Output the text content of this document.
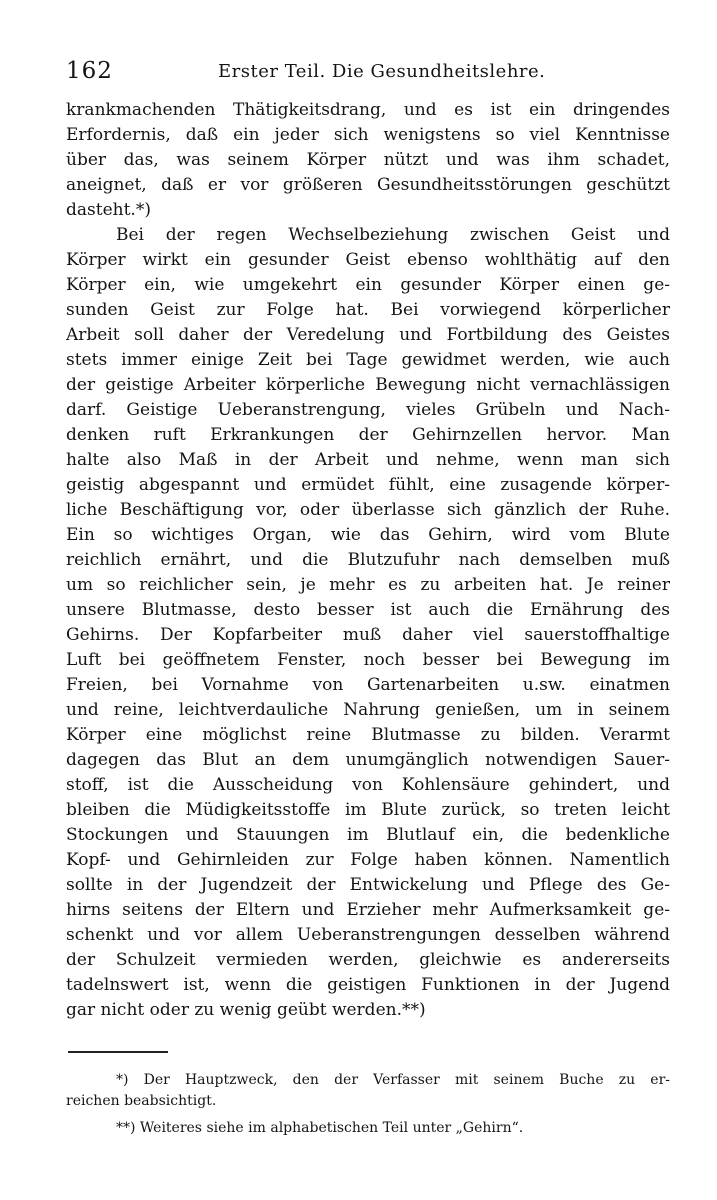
162	Erster Teil. Die Gesundheitslehre.
krankmachenden Thätigkeitsdrang, und es ist ein dringendes
Erfordernis, daß ein jeder sich wenigstens so viel Kenntnisse
über das, was seinem Körper nützt und was ihm schadet,
aneignet, daß er vor größeren Gesundheitsstörungen geschützt
dasteht.*)
Bei der regen Wechselbeziehung zwischen Geist und
Körper wirkt ein gesunder Geist ebenso wohlthätig auf den
Körper ein, wie umgekehrt ein gesunder Körper einen ge-
sunden Geist zur Folge hat. Bei vorwiegend körperlicher
Arbeit soll daher der Veredelung und Fortbildung des Geistes
stets immer einige Zeit bei Tage gewidmet werden, wie auch
der geistige Arbeiter körperliche Bewegung nicht vernachlässigen
darf. Geistige Ueberanstrengung, vieles Grübeln und Nach-
denken ruft Erkrankungen der Gehirnzellen hervor. Man
halte also Maß in der Arbeit und nehme, wenn man sich
geistig abgespannt und ermüdet fühlt, eine zusagende körper-
liche Beschäftigung vor, oder überlasse sich gänzlich der Ruhe.
Ein so wichtiges Organ, wie das Gehirn, wird vom Blute
reichlich ernährt, und die Blutzufuhr nach demselben muß
um so reichlicher sein, je mehr es zu arbeiten hat. Je reiner
unsere Blutmasse, desto besser ist auch die Ernährung des
Gehirns. Der Kopfarbeiter muß daher viel sauerstoffhaltige
Luft bei geöffnetem Fenster, noch besser bei Bewegung im
Freien, bei Vornahme von Gartenarbeiten u.sw. einatmen
und reine, leichtverdauliche Nahrung genießen, um in seinem
Körper eine möglichst reine Blutmasse zu bilden. Verarmt
dagegen das Blut an dem unumgänglich notwendigen Sauer-
stoff, ist die Ausscheidung von Kohlensäure gehindert, und
bleiben die Müdigkeitsstoffe im Blute zurück, so treten leicht
Stockungen und Stauungen im Blutlauf ein, die bedenkliche
Kopf- und Gehirnleiden zur Folge haben können. Namentlich
sollte in der Jugendzeit der Entwickelung und Pflege des Ge-
hirns seitens der Eltern und Erzieher mehr Aufmerksamkeit ge-
schenkt und vor allem Ueberanstrengungen desselben während
der Schulzeit vermieden werden, gleichwie es andererseits
tadelnswert ist, wenn die geistigen Funktionen in der Jugend
gar nicht oder zu wenig geübt werden.**)
*) Der Hauptzweck, den der Verfasser mit seinem Buche zu er-
reichen beabsichtigt.
**) Weiteres siehe im alphabetischen Teil unter „Gehirn“.
